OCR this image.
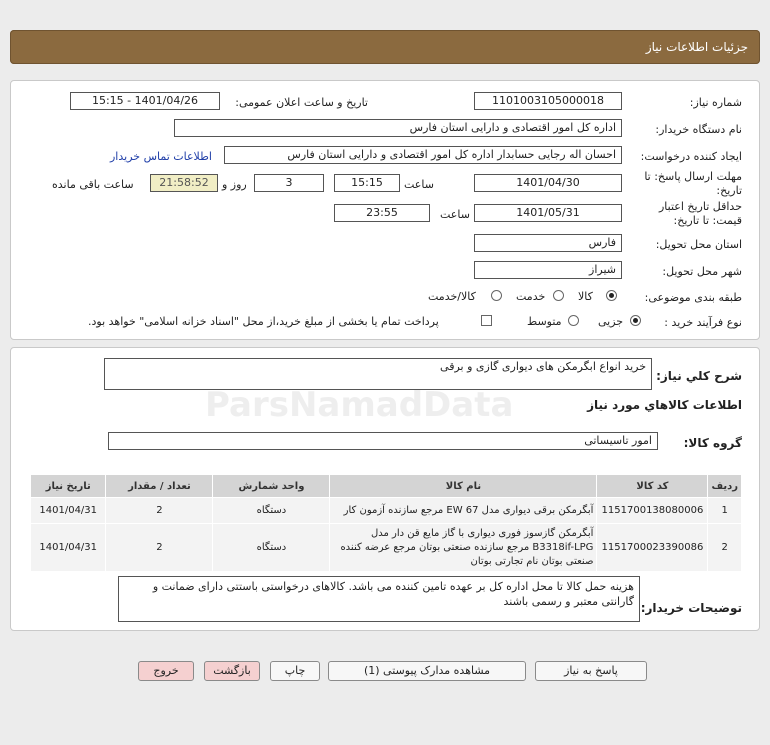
جزئیات اطلاعات نیاز
شماره نیاز:
1101003105000018
تاریخ و ساعت اعلان عمومی:
1401/04/26 - 15:15
نام دستگاه خریدار:
اداره کل امور اقتصادی و دارایی استان فارس
ایجاد کننده درخواست:
احسان اله رجایی حسابدار اداره کل امور اقتصادی و دارایی استان فارس
اطلاعات تماس خریدار
مهلت ارسال پاسخ: تا
تاریخ:
1401/04/30
ساعت
15:15
3
روز و
21:58:52
ساعت باقی مانده
حداقل تاریخ اعتبار
قیمت: تا تاریخ:
1401/05/31
ساعت
23:55
استان محل تحویل:
فارس
شهر محل تحویل:
شیراز
طبقه بندی موضوعی:
کالا
خدمت
کالا/خدمت
نوع فرآیند خرید :
جزیی
متوسط
پرداخت تمام یا بخشی از مبلغ خرید،از محل "اسناد خزانه اسلامی" خواهد بود.
شرح کلي نياز:
خرید انواع ابگرمکن های دیواری گازی و برقی
اطلاعات کالاهاي مورد نياز
گروه کالا:
امور تاسیساتی
ردیف	کد کالا	نام کالا	واحد شمارش	تعداد / مقدار	تاریخ نیاز
1	1151700138080006	آبگرمکن برقی دیواری مدل EW 67 مرجع سازنده آزمون کار	دستگاه	2	1401/04/31
2	1151700023390086	آبگرمکن گازسوز فوری دیواری با گاز مایع قن دار مدل B3318if-LPG مرجع سازنده صنعتی بوتان مرجع عرضه کننده صنعتی بوتان نام تجارتی بوتان	دستگاه	2	1401/04/31
توضیحات خریدار:
هزینه حمل کالا تا محل اداره کل بر عهده تامین کننده می باشد. کالاهای درخواستی باستتی دارای ضمانت و گارانتی معتبر و رسمی باشند
پاسخ به نیاز
مشاهده مدارک پیوستی (1)
چاپ
بازگشت
خروج
